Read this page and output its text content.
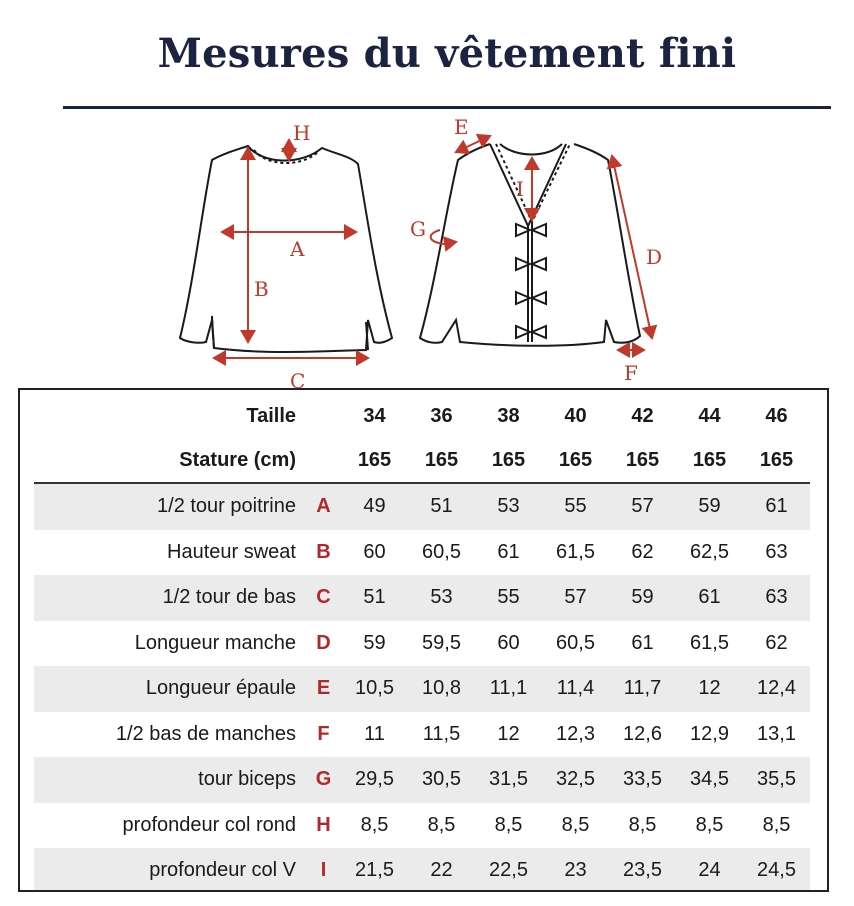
Mesures du vêtement fini
H
A
B
C
E
I
G
D
F
Taille		34	36	38	40	42	44	46
Stature (cm)		165	165	165	165	165	165	165
1/2 tour poitrine	A	49	51	53	55	57	59	61
Hauteur sweat	B	60	60,5	61	61,5	62	62,5	63
1/2 tour de bas	C	51	53	55	57	59	61	63
Longueur manche	D	59	59,5	60	60,5	61	61,5	62
Longueur épaule	E	10,5	10,8	11,1	11,4	11,7	12	12,4
1/2 bas de manches	F	11	11,5	12	12,3	12,6	12,9	13,1
tour biceps	G	29,5	30,5	31,5	32,5	33,5	34,5	35,5
profondeur col rond	H	8,5	8,5	8,5	8,5	8,5	8,5	8,5
profondeur col V	I	21,5	22	22,5	23	23,5	24	24,5
